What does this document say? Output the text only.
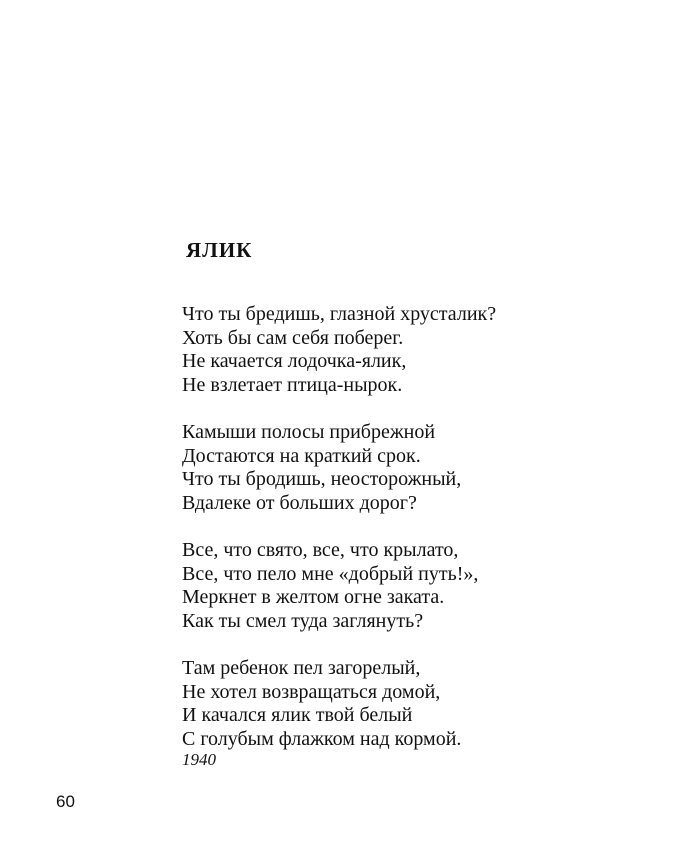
ЯЛИК
Что ты бредишь, глазной хрусталик?
Хоть бы сам себя поберег.
Не качается лодочка-ялик,
Не взлетает птица-нырок.
Камыши полосы прибрежной
Достаются на краткий срок.
Что ты бродишь, неосторожный,
Вдалеке от больших дорог?
Все, что свято, все, что крылато,
Все, что пело мне «добрый путь!»,
Меркнет в желтом огне заката.
Как ты смел туда заглянуть?
Там ребенок пел загорелый,
Не хотел возвращаться домой,
И качался ялик твой белый
С голубым флажком над кормой.

1940

60
